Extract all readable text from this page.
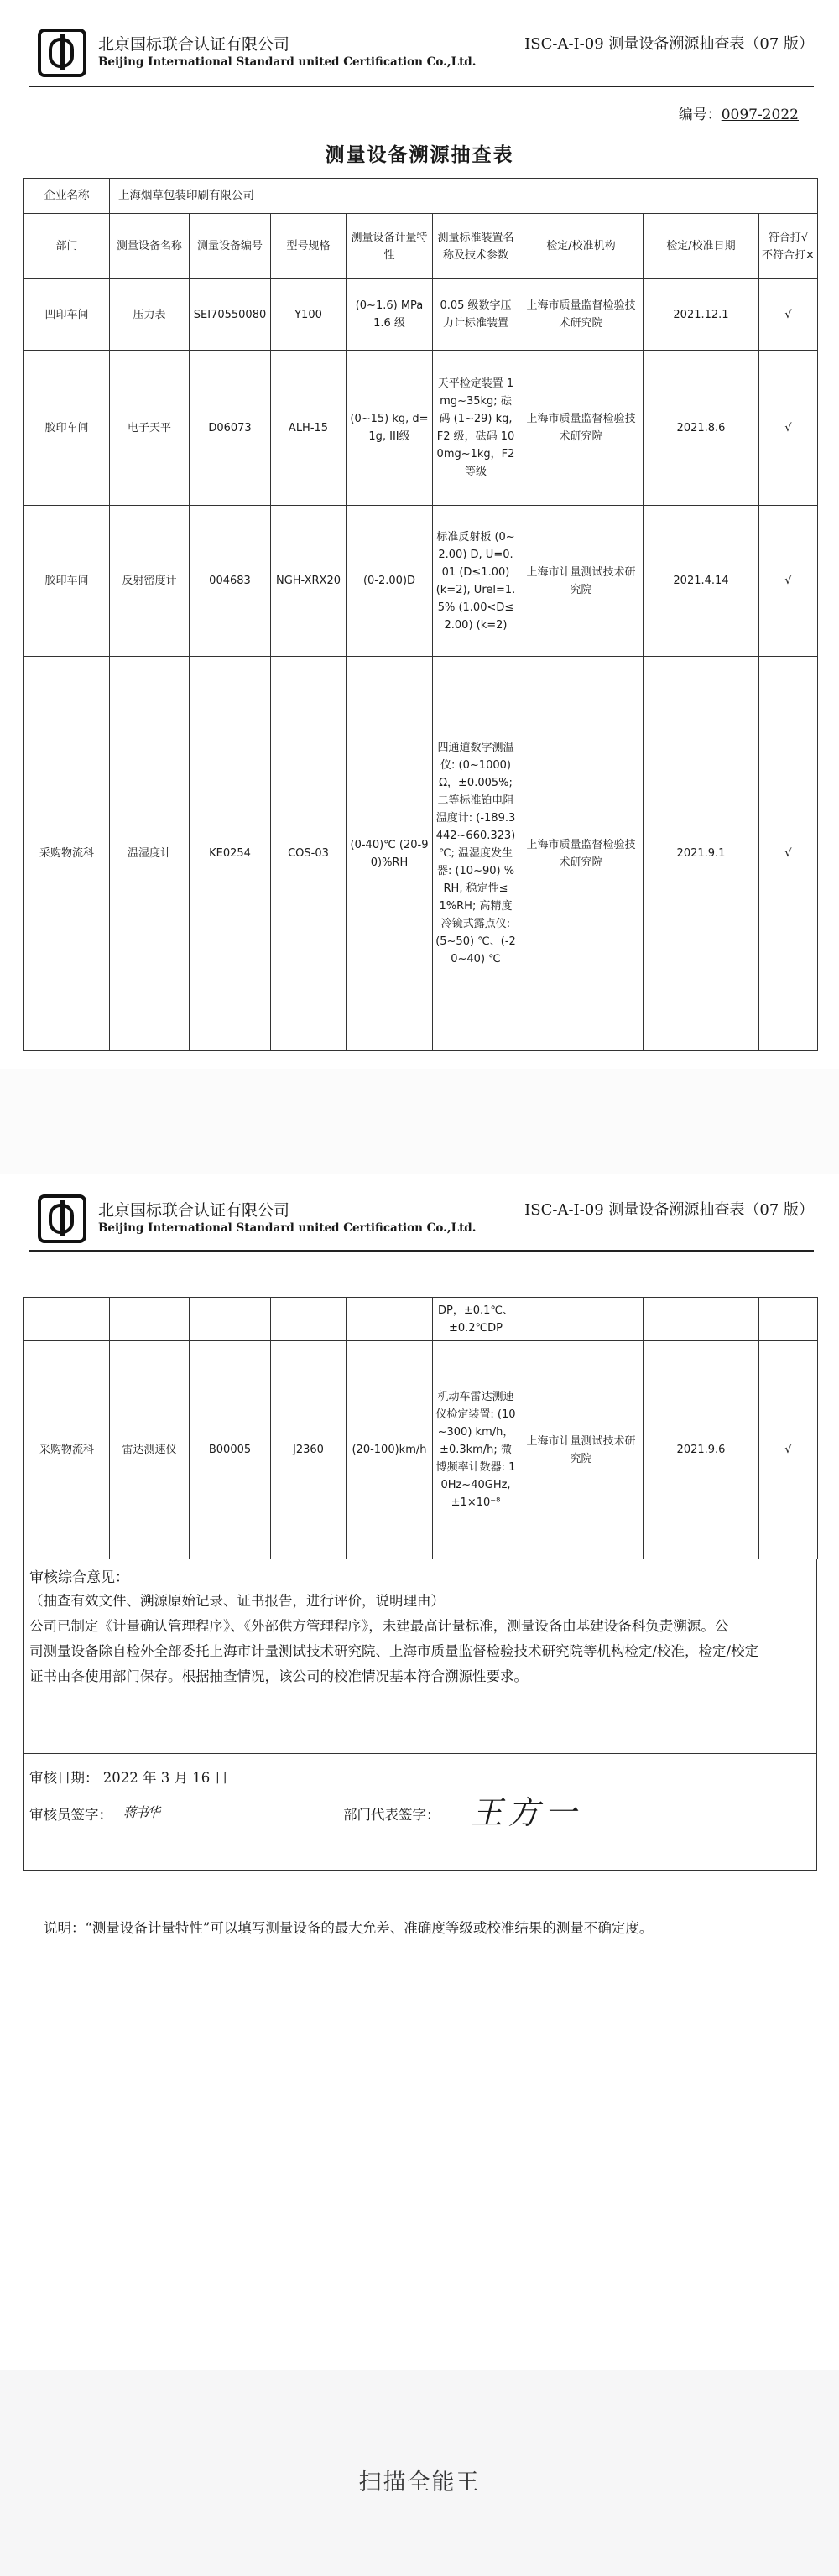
北京国标联合认证有限公司
Beijing International Standard united Certification Co.,Ltd.
ISC-A-I-09 测量设备溯源抽查表（07 版）
编号：0097-2022
测量设备溯源抽查表
企业名称	上海烟草包装印刷有限公司							
部门	测量设备名称	测量设备编号	型号规格	测量设备计量特性	测量标准装置名称及技术参数	检定/校准机构	检定/校准日期	符合打√ 不符合打×
凹印车间	压力表	SEI70550080	Y100	(0~1.6) MPa 1.6 级	0.05 级数字压力计标准装置	上海市质量监督检验技术研究院	2021.12.1	√
胶印车间	电子天平	D06073	ALH-15	(0~15) kg, d=1g, III级	天平检定装置 1mg~35kg; 砝码 (1~29) kg, F2 级，砝码 100mg~1kg，F2 等级	上海市质量监督检验技术研究院	2021.8.6	√
胶印车间	反射密度计	004683	NGH-XRX20	(0-2.00)D	标准反射板 (0~2.00) D, U=0.01 (D≤1.00) (k=2), Urel=1.5% (1.00<D≤2.00) (k=2)	上海市计量测试技术研究院	2021.4.14	√
采购物流科	温湿度计	KE0254	COS-03	(0-40)℃ (20-90)%RH	四通道数字测温仪: (0~1000) Ω，±0.005%; 二等标准铂电阻温度计: (-189.3442~660.323) ℃; 温湿度发生器: (10~90) %RH, 稳定性≤1%RH; 高精度冷镜式露点仪: (5~50) ℃、(-20~40) ℃	上海市质量监督检验技术研究院	2021.9.1	√
北京国标联合认证有限公司
Beijing International Standard united Certification Co.,Ltd.
ISC-A-I-09 测量设备溯源抽查表（07 版）
					DP，±0.1℃、±0.2℃DP			
采购物流科	雷达测速仪	B00005	J2360	(20-100)km/h	机动车雷达测速仪检定装置: (10~300) km/h，±0.3km/h; 微博频率计数器: 10Hz~40GHz, ±1×10⁻⁸	上海市计量测试技术研究院	2021.9.6	√
审核综合意见：
（抽查有效文件、溯源原始记录、证书报告，进行评价，说明理由）
公司已制定《计量确认管理程序》、《外部供方管理程序》，未建最高计量标准，测量设备由基建设备科负责溯源。公
司测量设备除自检外全部委托上海市计量测试技术研究院、上海市质量监督检验技术研究院等机构检定/校准，检定/校定
证书由各使用部门保存。根据抽查情况，该公司的校准情况基本符合溯源性要求。
审核日期： 2022 年 3 月 16 日
审核员签字： 蒋书华	部门代表签字： 王方一
说明：“测量设备计量特性”可以填写测量设备的最大允差、准确度等级或校准结果的测量不确定度。
扫描全能王
